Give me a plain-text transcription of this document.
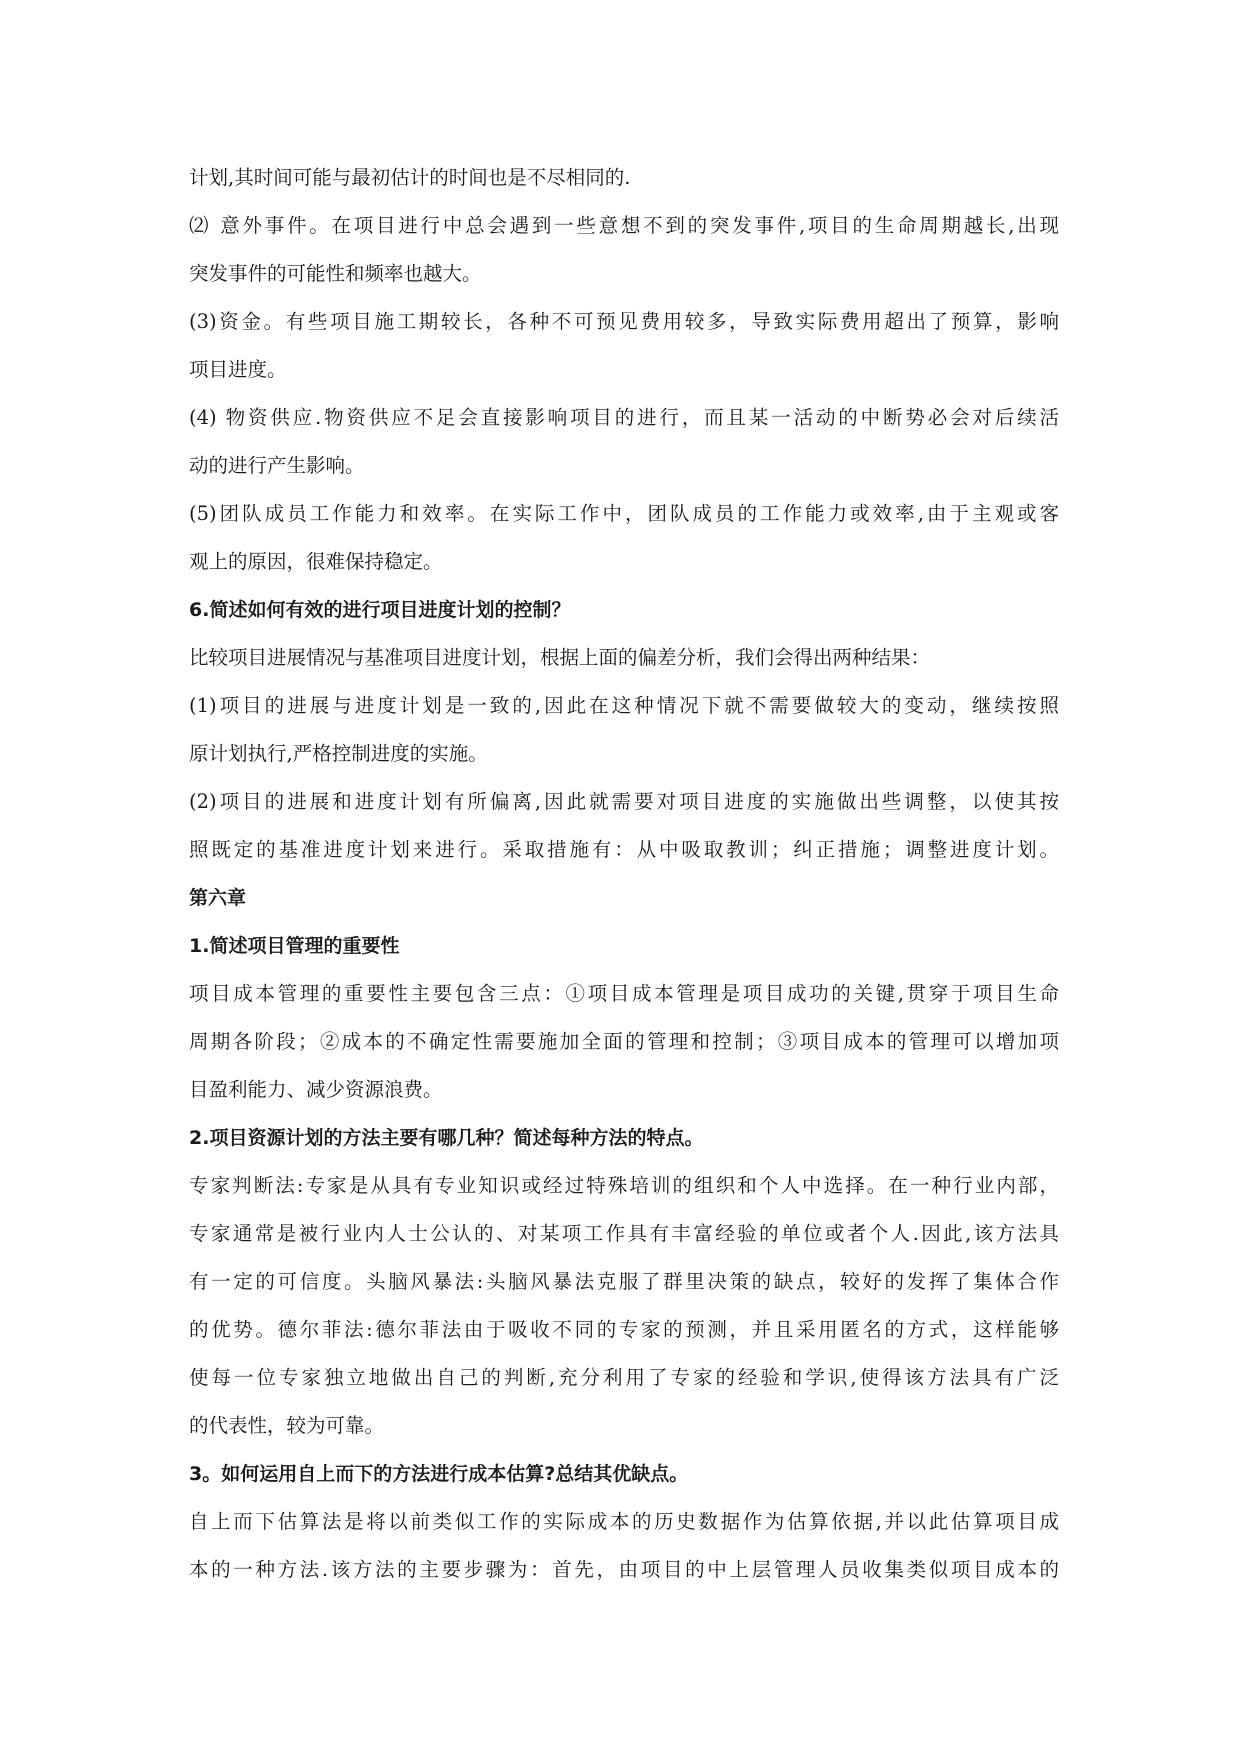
计划,其时间可能与最初估计的时间也是不尽相同的.
⑵ 意外事件。在项目进行中总会遇到一些意想不到的突发事件,项目的生命周期越长,出现
突发事件的可能性和频率也越大。
(3)资金。有些项目施工期较长，各种不可预见费用较多，导致实际费用超出了预算，影响
项目进度。
(4) 物资供应.物资供应不足会直接影响项目的进行，而且某一活动的中断势必会对后续活
动的进行产生影响。
(5)团队成员工作能力和效率。在实际工作中，团队成员的工作能力或效率,由于主观或客
观上的原因，很难保持稳定。
6.简述如何有效的进行项目进度计划的控制？
比较项目进展情况与基准项目进度计划，根据上面的偏差分析，我们会得出两种结果：
(1)项目的进展与进度计划是一致的,因此在这种情况下就不需要做较大的变动，继续按照
原计划执行,严格控制进度的实施。
(2)项目的进展和进度计划有所偏离,因此就需要对项目进度的实施做出些调整，以使其按
照既定的基准进度计划来进行。采取措施有：从中吸取教训；纠正措施；调整进度计划。
第六章
1.简述项目管理的重要性
项目成本管理的重要性主要包含三点：①项目成本管理是项目成功的关键,贯穿于项目生命
周期各阶段；②成本的不确定性需要施加全面的管理和控制；③项目成本的管理可以增加项
目盈利能力、减少资源浪费。
2.项目资源计划的方法主要有哪几种？简述每种方法的特点。
专家判断法:专家是从具有专业知识或经过特殊培训的组织和个人中选择。在一种行业内部，
专家通常是被行业内人士公认的、对某项工作具有丰富经验的单位或者个人.因此,该方法具
有一定的可信度。头脑风暴法:头脑风暴法克服了群里决策的缺点，较好的发挥了集体合作
的优势。德尔菲法:德尔菲法由于吸收不同的专家的预测，并且采用匿名的方式，这样能够
使每一位专家独立地做出自己的判断,充分利用了专家的经验和学识,使得该方法具有广泛
的代表性，较为可靠。
3。如何运用自上而下的方法进行成本估算?总结其优缺点。
自上而下估算法是将以前类似工作的实际成本的历史数据作为估算依据,并以此估算项目成
本的一种方法.该方法的主要步骤为：首先，由项目的中上层管理人员收集类似项目成本的
